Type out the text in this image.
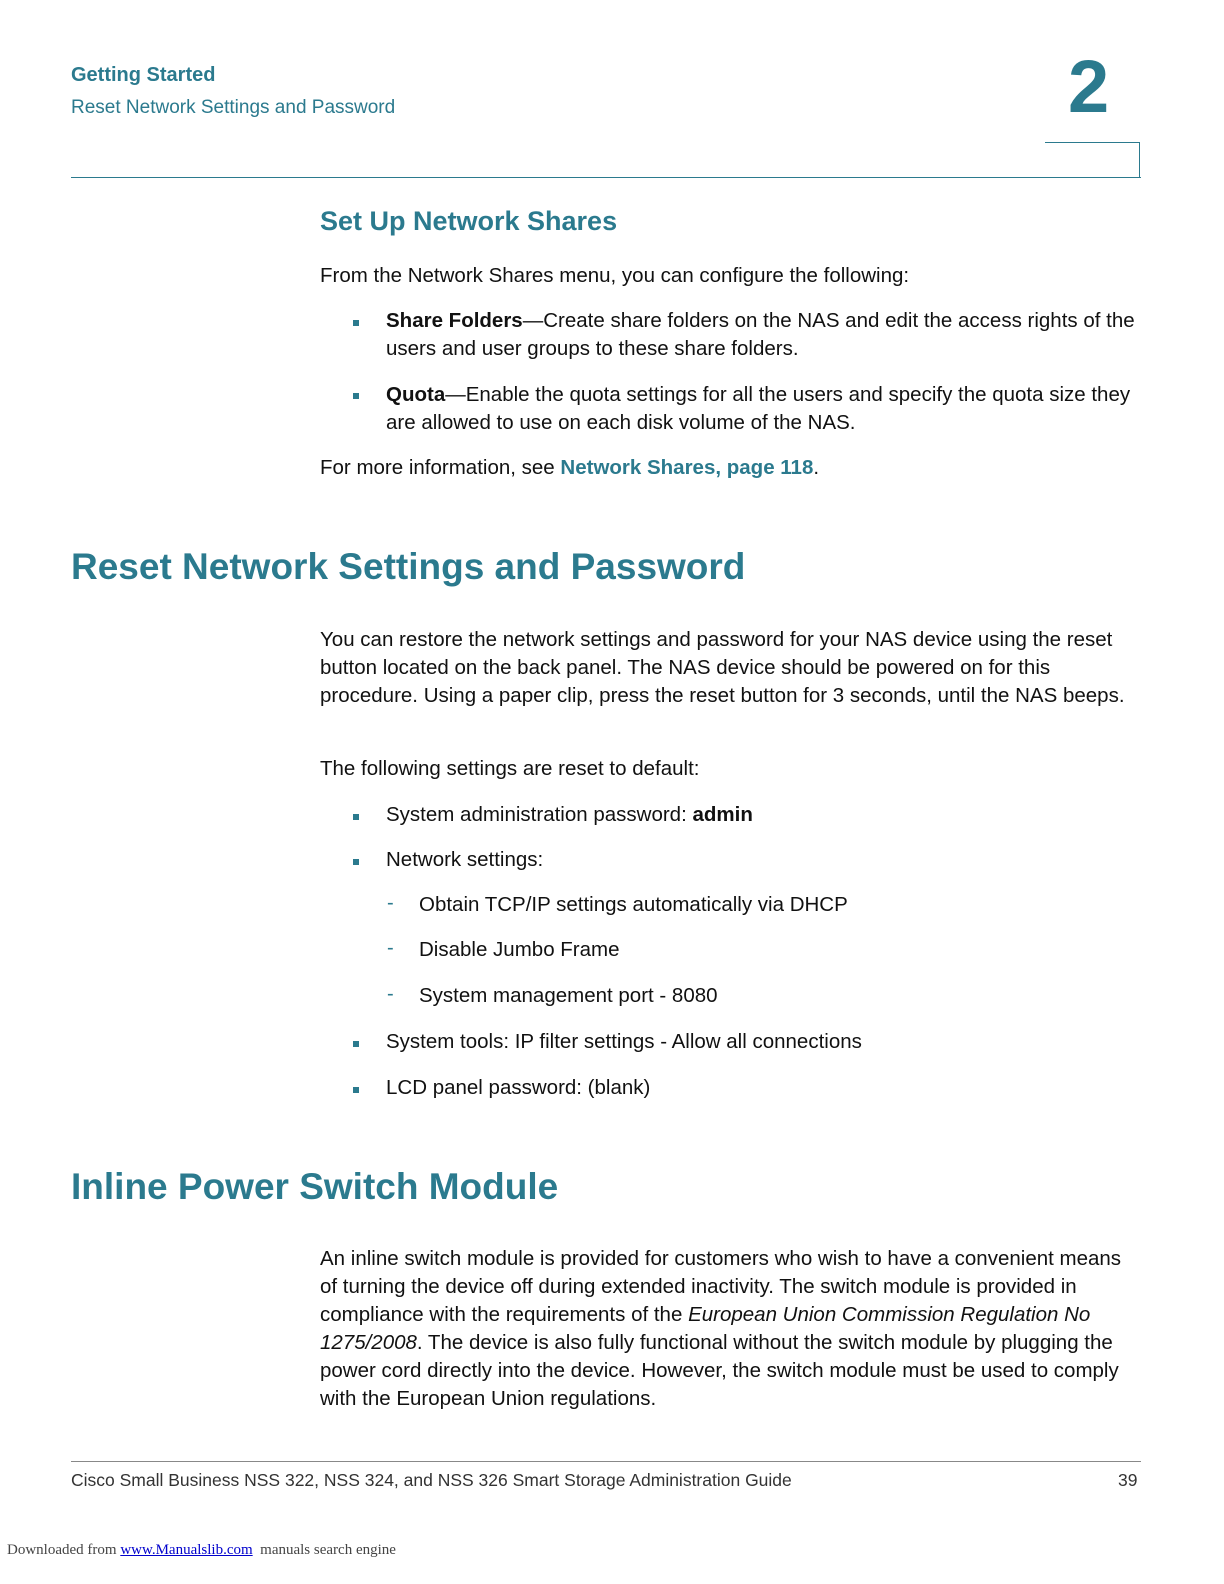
Getting Started
Reset Network Settings and Password	2
Set Up Network Shares
From the Network Shares menu, you can configure the following:
Share Folders—Create share folders on the NAS and edit the access rights of the users and user groups to these share folders.
Quota—Enable the quota settings for all the users and specify the quota size they are allowed to use on each disk volume of the NAS.
For more information, see Network Shares, page 118.
Reset Network Settings and Password
You can restore the network settings and password for your NAS device using the reset button located on the back panel. The NAS device should be powered on for this procedure. Using a paper clip, press the reset button for 3 seconds, until the NAS beeps.
The following settings are reset to default:
System administration password: admin
Network settings:
- Obtain TCP/IP settings automatically via DHCP
- Disable Jumbo Frame
- System management port - 8080
System tools: IP filter settings - Allow all connections
LCD panel password: (blank)
Inline Power Switch Module
An inline switch module is provided for customers who wish to have a convenient means of turning the device off during extended inactivity. The switch module is provided in compliance with the requirements of the European Union Commission Regulation No 1275/2008. The device is also fully functional without the switch module by plugging the power cord directly into the device. However, the switch module must be used to comply with the European Union regulations.
Cisco Small Business NSS 322, NSS 324, and NSS 326 Smart Storage Administration Guide	39
Downloaded from www.Manualslib.com  manuals search engine
